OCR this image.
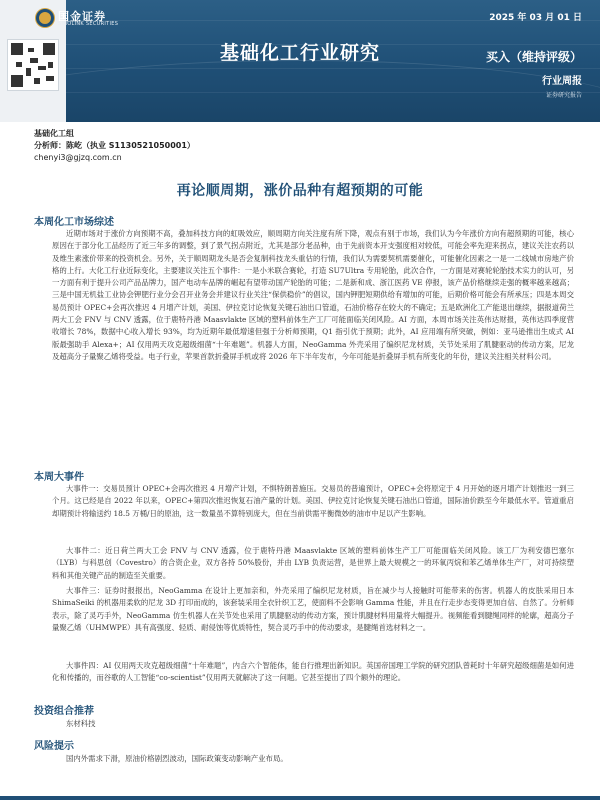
国金证券
SINOLINK SECURITIES
2025 年 03 月 01 日
基础化工行业研究	买入（维持评级）
行业周报
证券研究报告
基础化工组
分析师：陈屹（执业 S1130521050001）
chenyi3@gjzq.com.cn
再论顺周期，涨价品种有超预期的可能
本周化工市场综述
近期市场对于涨价方向预期不高，叠加科技方向的虹吸效应，顺周期方向关注度有所下降，观点有别于市场，我们认为今年涨价方向有超预期的可能，核心原因在于部分化工品经历了近三年多的调整，到了景气拐点附近，尤其是部分老品种，由于先前资本开支强度相对较低，可能会率先迎来拐点，建议关注农药以及维生素涨价带来的投资机会。另外，关于顺周期龙头是否会复制科技龙头重估的行情，我们认为需要契机需要催化，可能催化因素之一是一二线城市房地产价格的上行。大化工行业近际变化，主要建议关注五个事件：一是小米联合赛轮，打造 SU7Ultra 专用轮胎，此次合作，一方面是对赛轮轮胎技术实力的认可，另一方面有利于提升公司产品品牌力，国产电动车品牌的崛起有望带动国产轮胎的可能；二是新和成、浙江医药 VE 停报，该产品价格继续走强的概率越来越高；三是中国无机盐工业协会钾肥行业分会召开业务会并建议行业关注“保供稳价”的倡议，国内钾肥短期供给有增加的可能，后期价格可能会有所承压；四是本周交易员预计 OPEC+会再次推迟 4 月增产计划，美国、伊拉克讨论恢复关键石油出口管道，石油价格存在较大的不确定；五是欧洲化工产能退出继续，据报道荷兰两大工会 FNV 与 CNV 透露，位于鹿特丹港 Maasvlakte 区域的塑料前体生产工厂可能面临关闭风险。AI 方面，本周市场关注英伟达财报，英伟达四季度营收增长 78%，数据中心收入增长 93%，均为近期年最低增速但强于分析师预期，Q1 指引优于预期；此外，AI 应用端有所突破，例如：亚马逊推出生成式 AI 版最强助手 Alexa+；AI 仅用两天攻克超级细菌“十年难题”。机器人方面，NeoGamma 外壳采用了编织尼龙材质，关节处采用了肌腱驱动的传动方案，尼龙及超高分子量聚乙烯将受益。电子行业，苹果首款折叠屏手机或将 2026 年下半年发布，今年可能是折叠屏手机有所变化的年份，建议关注相关材料公司。
本周大事件
大事件一：交易员预计 OPEC+会再次推迟 4 月增产计划，不惧特朗普施压。交易员的普遍预计，OPEC+会将原定于 4 月开始的逐月增产计划推迟一到三个月。这已经是自 2022 年以来，OPEC+第四次推迟恢复石油产量的计划。美国、伊拉克讨论恢复关键石油出口管道，国际油价跌至今年最低水平。管道重启却期预计将输送约 18.5 万桶/日的原油，这一数量虽不算特别庞大，但在当前供需平衡微妙的油市中足以产生影响。
大事件二：近日荷兰两大工会 FNV 与 CNV 透露，位于鹿特丹港 Maasvlakte 区域的塑料前体生产工厂可能面临关闭风险。该工厂为利安德巴塞尔（LYB）与科思创（Covestro）的合资企业，双方各持 50%股份，并由 LYB 负责运营，是世界上最大规模之一的环氧丙烷和苯乙烯单体生产厂，对可持续塑料和其他关键产品的制造至关重要。
大事件三：证券时报报出，NeoGamma 在设计上更加亲和，外壳采用了编织尼龙材质，旨在减少与人接触时可能带来的伤害。机器人的皮肤采用日本 ShimaSeiki 的机器用柔软的尼龙 3D 打印而成的，该套装采用全衣针织工艺，使面料不会影响 Gamma 性能，并且在行走步态变得更加自信、自然了。分析师表示，除了灵巧手外，NeoGamma 仿生机器人在关节处也采用了肌腱驱动的传动方案，预计肌腱材料用量将大幅提升。视频能看到腱绳同样的轮廓，超高分子量聚乙烯（UHMWPE）具有高强度、轻质、耐侵蚀等优质特性，契合灵巧手中的传动要求，是腱绳首选材料之一。
大事件四：AI 仅用两天攻克超级细菌“十年难题”，内含六个智能体，能自行推理出新知识。英国帝国理工学院的研究团队曾耗时十年研究超级细菌是如何进化和传播的，而谷歌的人工智能“co-scientist”仅用两天就解决了这一问题。它甚至提出了四个额外的理论。
投资组合推荐
东材科技
风险提示
国内外需求下滑，原油价格剧烈波动，国际政策变动影响产业布局。
